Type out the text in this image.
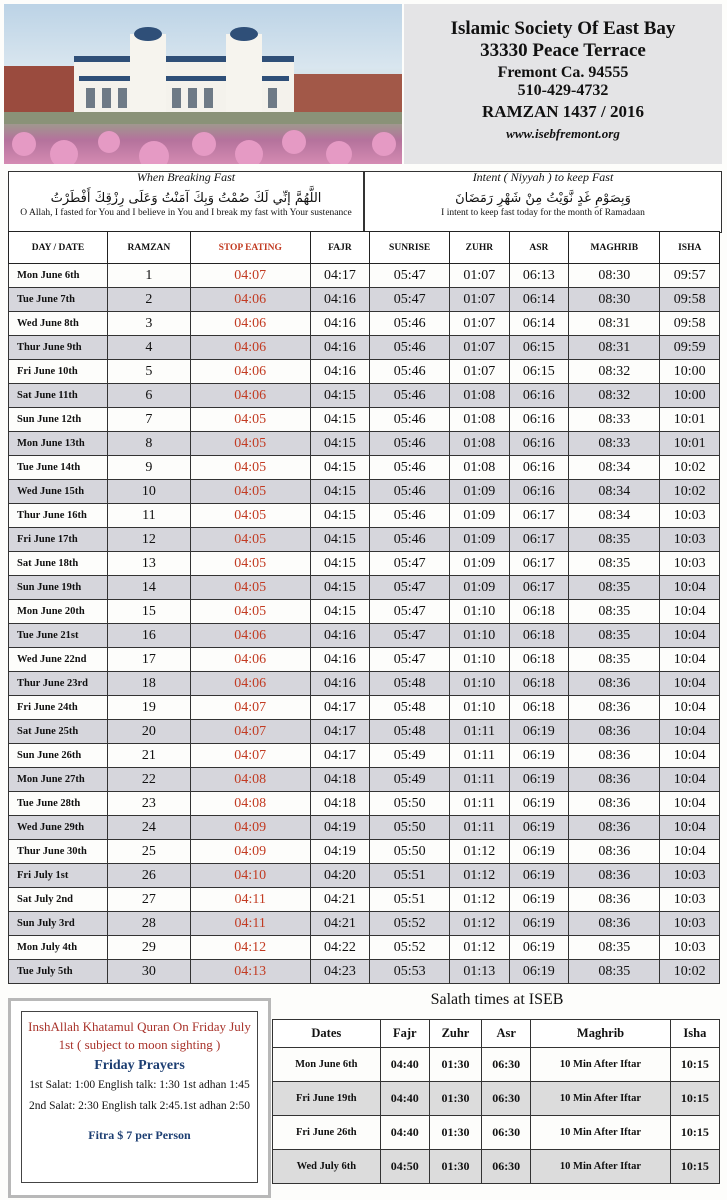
Islamic Society Of East Bay
33330 Peace Terrace
Fremont Ca. 94555
510-429-4732
RAMZAN 1437 / 2016
www.isebfremont.org
When Breaking Fast
اللَّهُمَّ إنِّي لَكَ صُمْتُ وَبِكَ آمَنْتُ وَعَلَى رِزْقِكَ أَفْطَرْتُ
O Allah, I fasted for You and I believe in You and I break my fast with Your sustenance
Intent ( Niyyah ) to keep Fast
وَبِصَوْمِ غَدٍ نَّوَيْتُ مِنْ شَهْرِ رَمَضَانَ
I intent to keep fast today for the month of Ramadaan
DAY / DATE	RAMZAN	STOP EATING	FAJR	SUNRISE	ZUHR	ASR	MAGHRIB	ISHA
Mon June 6th	1	04:07	04:17	05:47	01:07	06:13	08:30	09:57
Tue June 7th	2	04:06	04:16	05:47	01:07	06:14	08:30	09:58
Wed June 8th	3	04:06	04:16	05:46	01:07	06:14	08:31	09:58
Thur June 9th	4	04:06	04:16	05:46	01:07	06:15	08:31	09:59
Fri June 10th	5	04:06	04:16	05:46	01:07	06:15	08:32	10:00
Sat June 11th	6	04:06	04:15	05:46	01:08	06:16	08:32	10:00
Sun June 12th	7	04:05	04:15	05:46	01:08	06:16	08:33	10:01
Mon June 13th	8	04:05	04:15	05:46	01:08	06:16	08:33	10:01
Tue June 14th	9	04:05	04:15	05:46	01:08	06:16	08:34	10:02
Wed June 15th	10	04:05	04:15	05:46	01:09	06:16	08:34	10:02
Thur June 16th	11	04:05	04:15	05:46	01:09	06:17	08:34	10:03
Fri June 17th	12	04:05	04:15	05:46	01:09	06:17	08:35	10:03
Sat June 18th	13	04:05	04:15	05:47	01:09	06:17	08:35	10:03
Sun June 19th	14	04:05	04:15	05:47	01:09	06:17	08:35	10:04
Mon June 20th	15	04:05	04:15	05:47	01:10	06:18	08:35	10:04
Tue June 21st	16	04:06	04:16	05:47	01:10	06:18	08:35	10:04
Wed June 22nd	17	04:06	04:16	05:47	01:10	06:18	08:35	10:04
Thur June 23rd	18	04:06	04:16	05:48	01:10	06:18	08:36	10:04
Fri June 24th	19	04:07	04:17	05:48	01:10	06:18	08:36	10:04
Sat June 25th	20	04:07	04:17	05:48	01:11	06:19	08:36	10:04
Sun June 26th	21	04:07	04:17	05:49	01:11	06:19	08:36	10:04
Mon June 27th	22	04:08	04:18	05:49	01:11	06:19	08:36	10:04
Tue June 28th	23	04:08	04:18	05:50	01:11	06:19	08:36	10:04
Wed June 29th	24	04:09	04:19	05:50	01:11	06:19	08:36	10:04
Thur June 30th	25	04:09	04:19	05:50	01:12	06:19	08:36	10:04
Fri July 1st	26	04:10	04:20	05:51	01:12	06:19	08:36	10:03
Sat July 2nd	27	04:11	04:21	05:51	01:12	06:19	08:36	10:03
Sun July 3rd	28	04:11	04:21	05:52	01:12	06:19	08:36	10:03
Mon July 4th	29	04:12	04:22	05:52	01:12	06:19	08:35	10:03
Tue July 5th	30	04:13	04:23	05:53	01:13	06:19	08:35	10:02
InshAllah Khatamul Quran On Friday July 1st ( subject to moon sighting )
Friday Prayers
1st Salat: 1:00 English talk: 1:30 1st adhan 1:45
2nd Salat: 2:30 English talk 2:45.1st adhan 2:50
Fitra $ 7 per Person
Salath times at ISEB
Dates	Fajr	Zuhr	Asr	Maghrib	Isha
Mon June 6th	04:40	01:30	06:30	10 Min After Iftar	10:15
Fri June 19th	04:40	01:30	06:30	10 Min After Iftar	10:15
Fri June 26th	04:40	01:30	06:30	10 Min After Iftar	10:15
Wed July 6th	04:50	01:30	06:30	10 Min After Iftar	10:15
